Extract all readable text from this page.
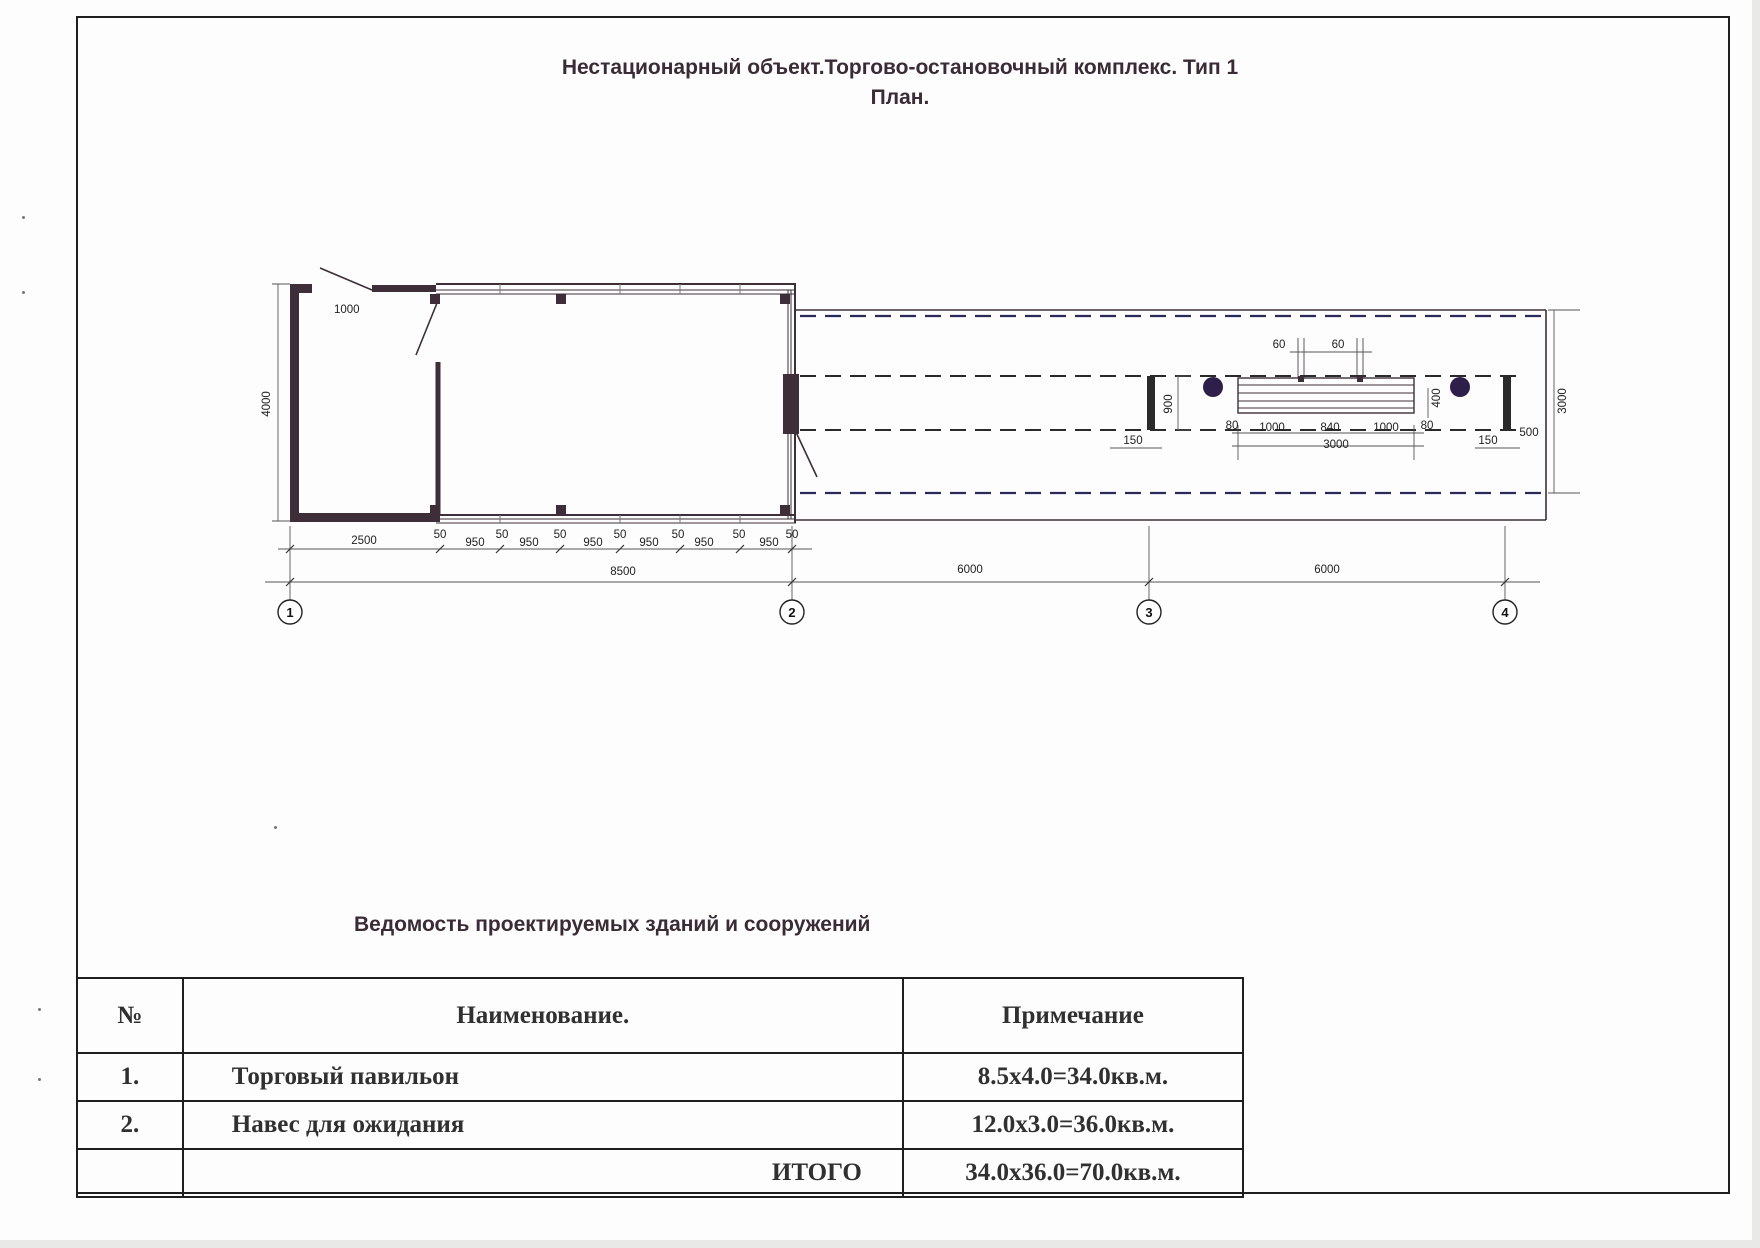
Нестационарный объект.Торгово-остановочный комплекс. Тип 1
План.
1	2	3	4
1000
4000
2500	50
950
50
950
50
950
50
950
50
950
50
950
50
8500	6000	6000
60	60
900	400
80 1000	840	1000 80
3000
150	150
500
3000
Ведомость проектируемых зданий и сооружений
№	Наименование.	Примечание
1.	Торговый павильон	8.5x4.0=34.0кв.м.
2.	Навес для ожидания	12.0x3.0=36.0кв.м.
	ИТОГО	34.0x36.0=70.0кв.м.
